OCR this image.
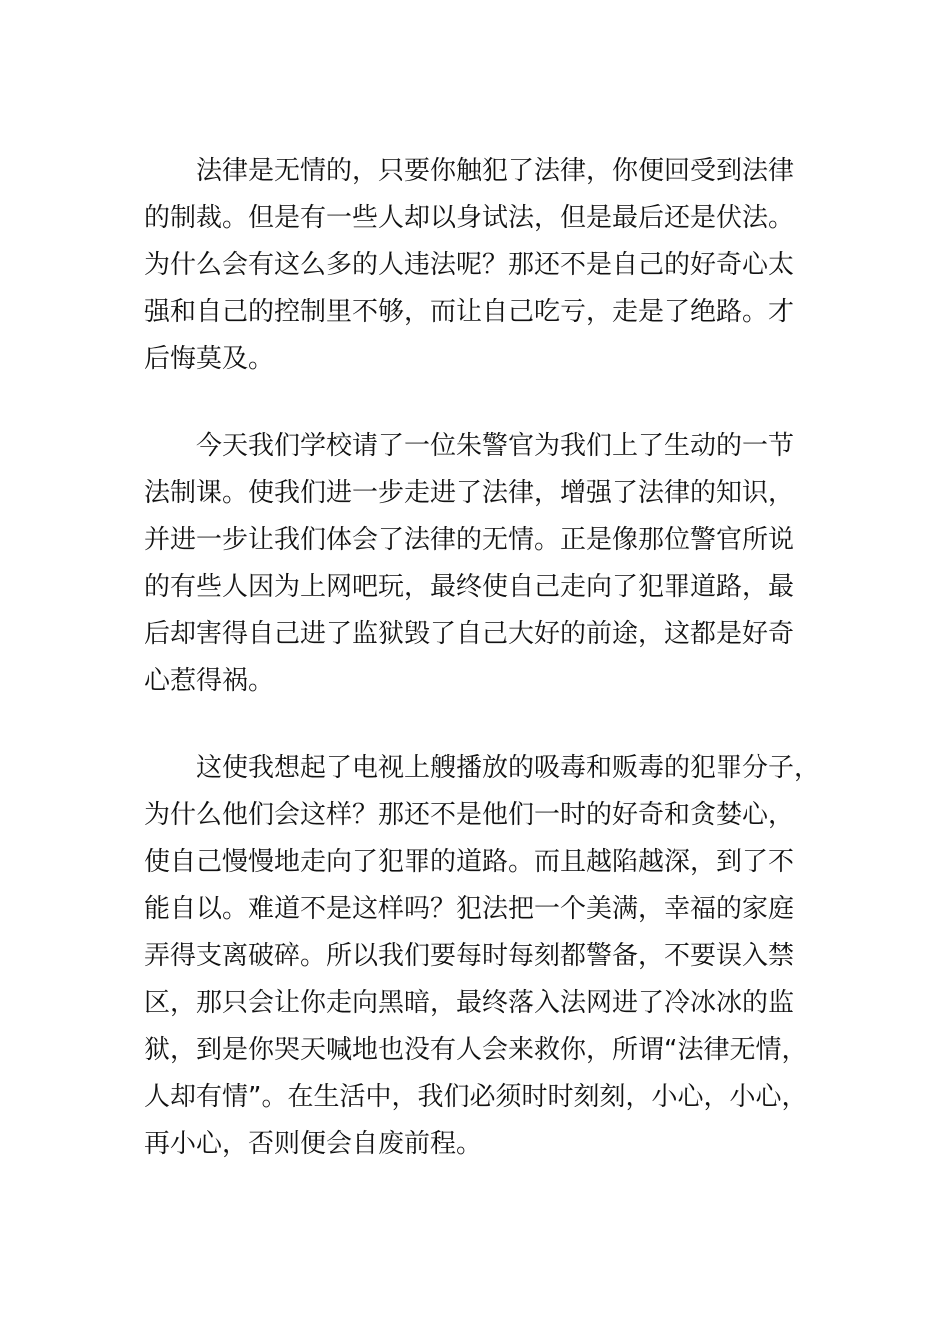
法律是无情的，只要你触犯了法律，你便回受到法律
的制裁。但是有一些人却以身试法，但是最后还是伏法。
为什么会有这么多的人违法呢？那还不是自己的好奇心太
强和自己的控制里不够，而让自己吃亏，走是了绝路。才
后悔莫及。
今天我们学校请了一位朱警官为我们上了生动的一节
法制课。使我们进一步走进了法律，增强了法律的知识，
并进一步让我们体会了法律的无情。正是像那位警官所说
的有些人因为上网吧玩，最终使自己走向了犯罪道路，最
后却害得自己进了监狱毁了自己大好的前途，这都是好奇
心惹得祸。
这使我想起了电视上艘播放的吸毒和贩毒的犯罪分子，
为什么他们会这样？那还不是他们一时的好奇和贪婪心，
使自己慢慢地走向了犯罪的道路。而且越陷越深，到了不
能自以。难道不是这样吗？犯法把一个美满，幸福的家庭
弄得支离破碎。所以我们要每时每刻都警备，不要误入禁
区，那只会让你走向黑暗，最终落入法网进了冷冰冰的监
狱，到是你哭天喊地也没有人会来救你，所谓“法律无情，
人却有情”。在生活中，我们必须时时刻刻，小心，小心，
再小心，否则便会自废前程。
